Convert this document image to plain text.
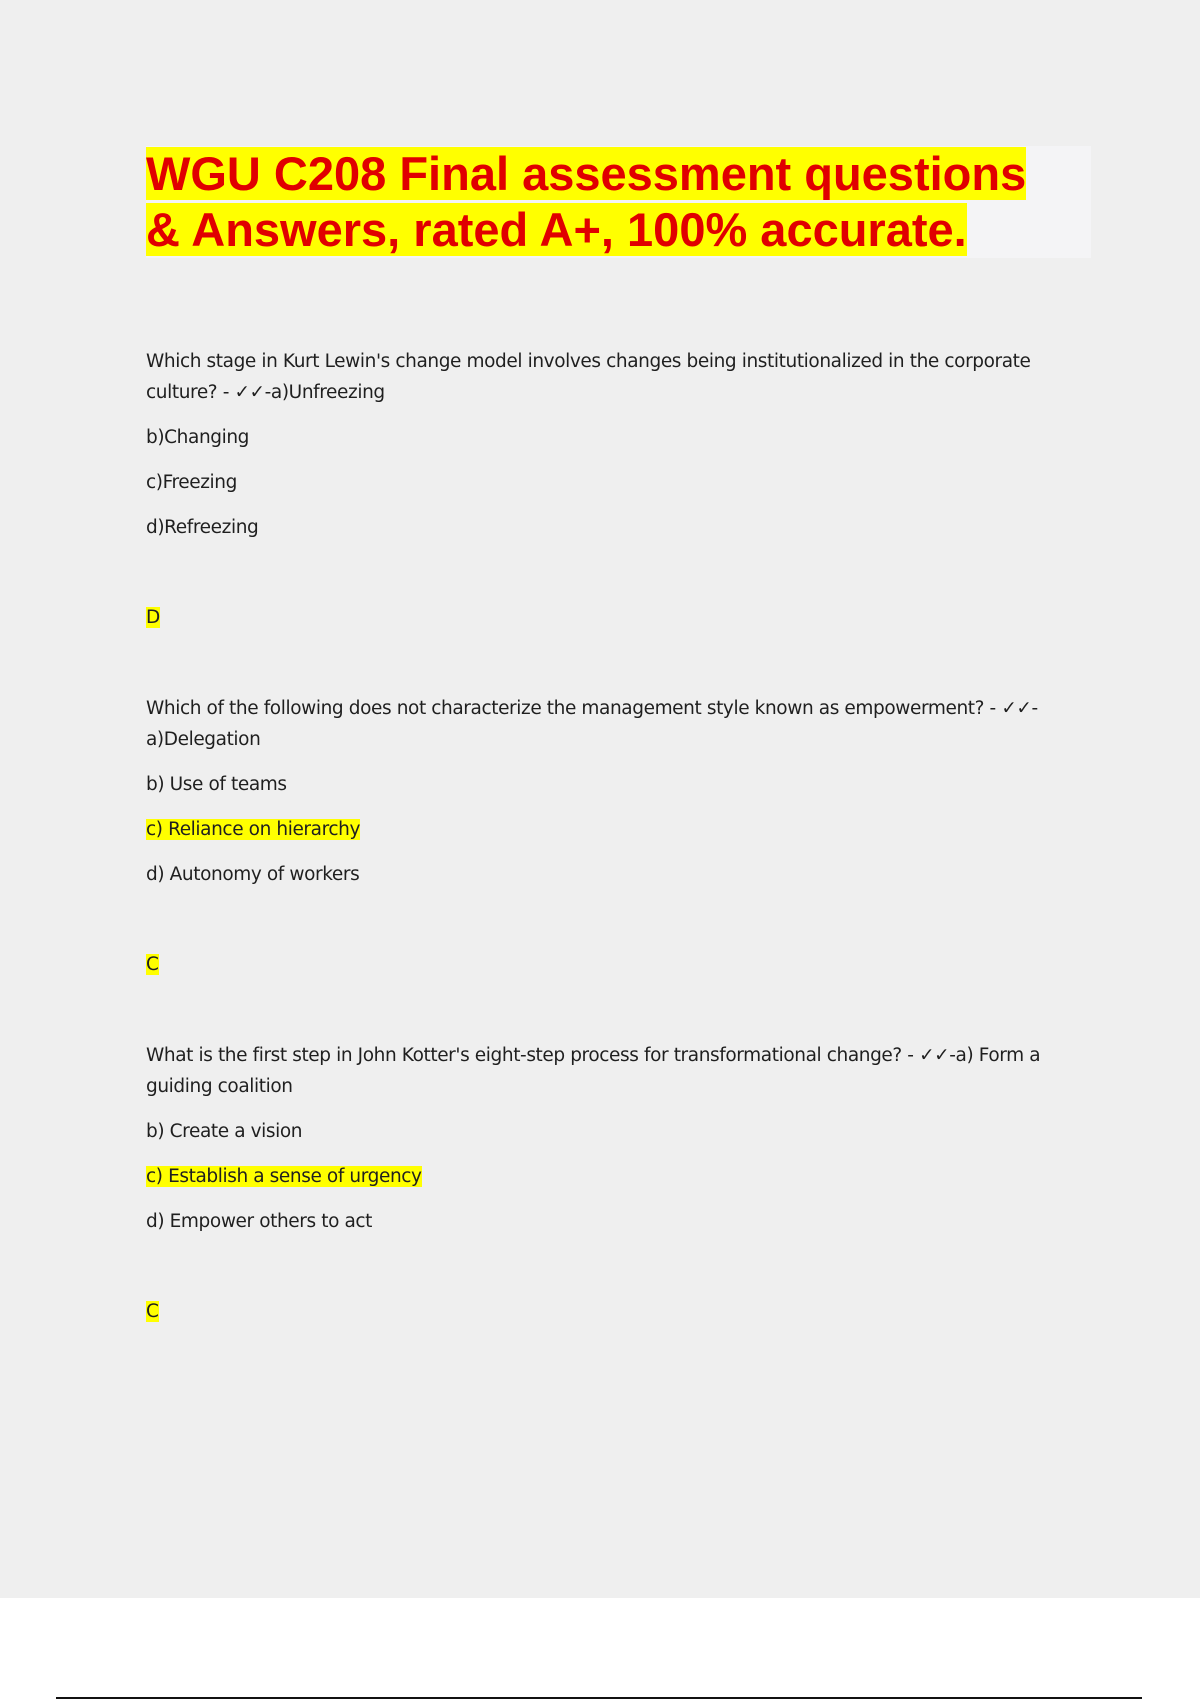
WGU C208 Final assessment questions
& Answers, rated A+, 100% accurate.

Which stage in Kurt Lewin's change model involves changes being institutionalized in the corporate
culture? - ✓✓-a)Unfreezing

b)Changing

c)Freezing

d)Refreezing

D

Which of the following does not characterize the management style known as empowerment? - ✓✓-
a)Delegation

b) Use of teams

c) Reliance on hierarchy

d) Autonomy of workers

C

What is the first step in John Kotter's eight-step process for transformational change? - ✓✓-a) Form a
guiding coalition

b) Create a vision

c) Establish a sense of urgency

d) Empower others to act

C
